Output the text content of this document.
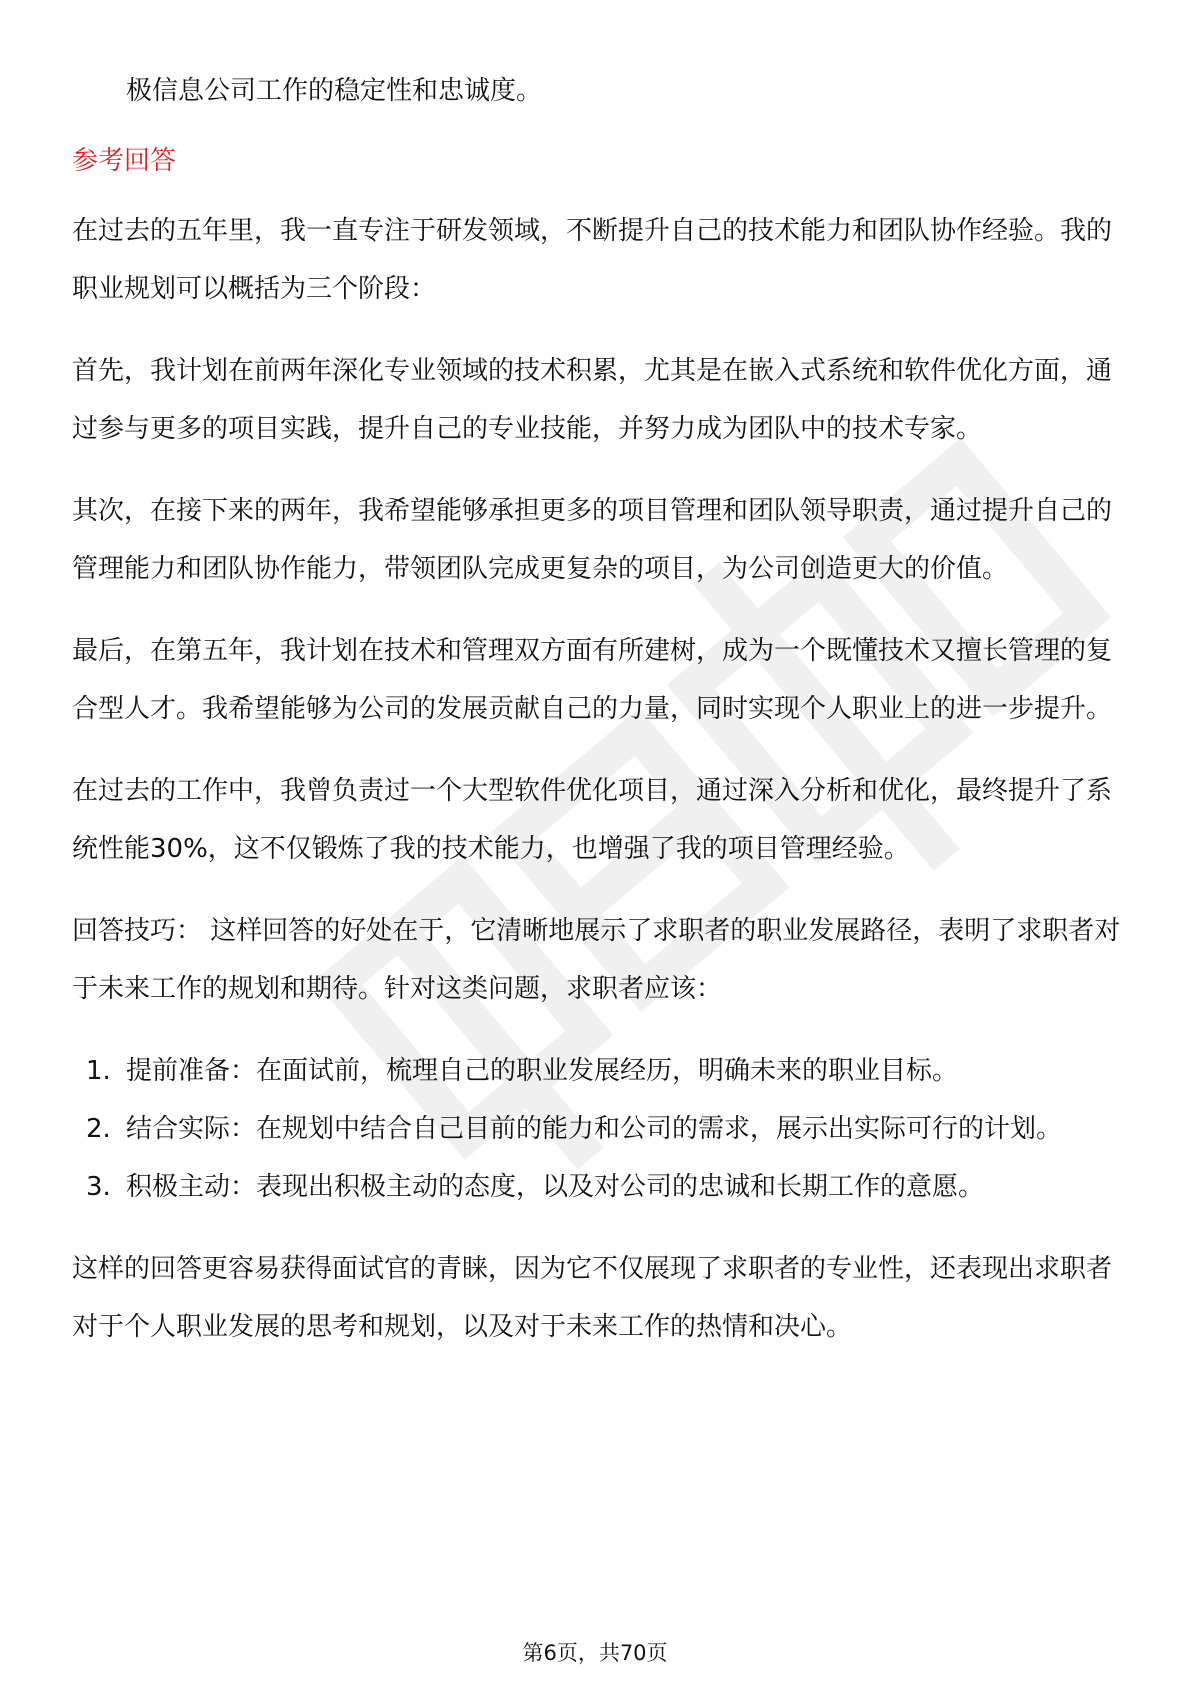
极信息公司工作的稳定性和忠诚度。

参考回答

在过去的五年里，我一直专注于研发领域，不断提升自己的技术能力和团队协作经验。我的职业规划可以概括为三个阶段：

首先，我计划在前两年深化专业领域的技术积累，尤其是在嵌入式系统和软件优化方面，通过参与更多的项目实践，提升自己的专业技能，并努力成为团队中的技术专家。

其次，在接下来的两年，我希望能够承担更多的项目管理和团队领导职责，通过提升自己的管理能力和团队协作能力，带领团队完成更复杂的项目，为公司创造更大的价值。

最后，在第五年，我计划在技术和管理双方面有所建树，成为一个既懂技术又擅长管理的复合型人才。我希望能够为公司的发展贡献自己的力量，同时实现个人职业上的进一步提升。

在过去的工作中，我曾负责过一个大型软件优化项目，通过深入分析和优化，最终提升了系统性能30%，这不仅锻炼了我的技术能力，也增强了我的项目管理经验。

回答技巧： 这样回答的好处在于，它清晰地展示了求职者的职业发展路径，表明了求职者对于未来工作的规划和期待。针对这类问题，求职者应该：

1. 提前准备：在面试前，梳理自己的职业发展经历，明确未来的职业目标。
2. 结合实际：在规划中结合自己目前的能力和公司的需求，展示出实际可行的计划。
3. 积极主动：表现出积极主动的态度，以及对公司的忠诚和长期工作的意愿。

这样的回答更容易获得面试官的青睐，因为它不仅展现了求职者的专业性，还表现出求职者对于个人职业发展的思考和规划，以及对于未来工作的热情和决心。

第6页，共70页
